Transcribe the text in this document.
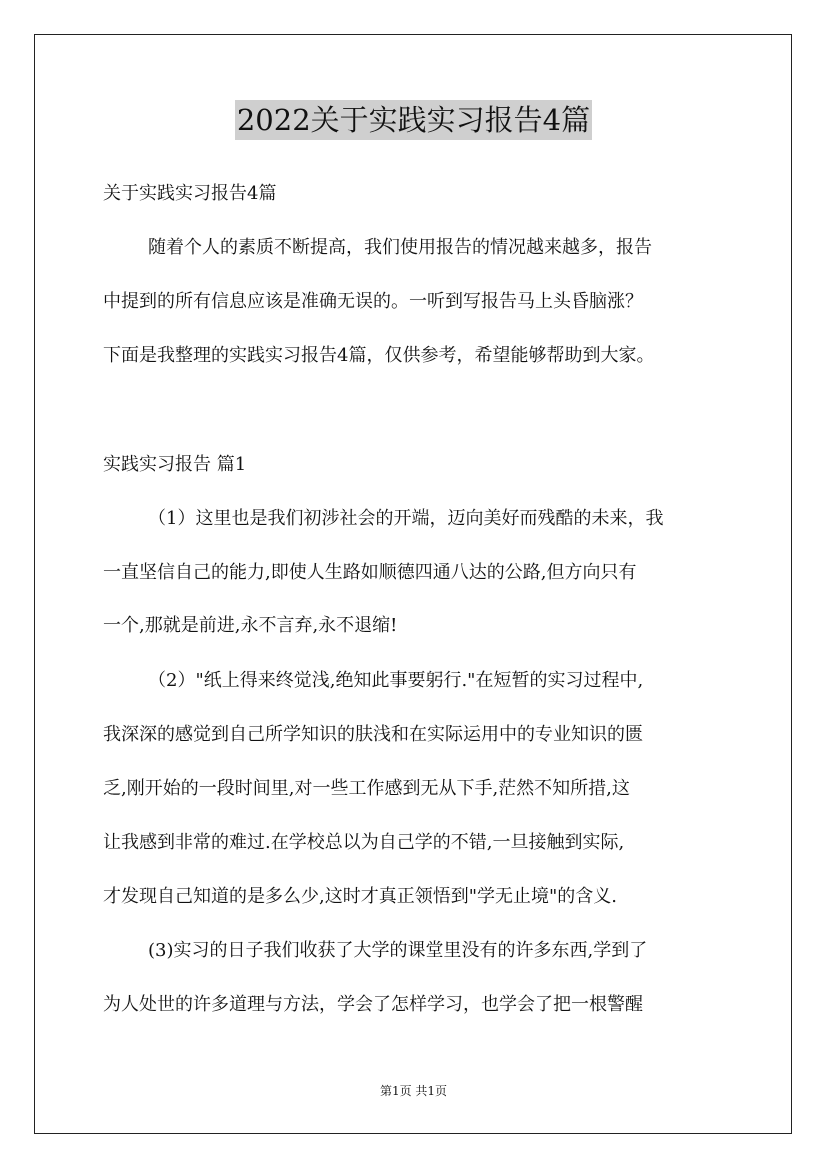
2022关于实践实习报告4篇
关于实践实习报告4篇
随着个人的素质不断提高，我们使用报告的情况越来越多，报告
中提到的所有信息应该是准确无误的。一听到写报告马上头昏脑涨？
下面是我整理的实践实习报告4篇，仅供参考，希望能够帮助到大家。
实践实习报告 篇1
（1）这里也是我们初涉社会的开端，迈向美好而残酷的未来，我
一直坚信自己的能力,即使人生路如顺德四通八达的公路,但方向只有
一个,那就是前进,永不言弃,永不退缩!
（2）"纸上得来终觉浅,绝知此事要躬行."在短暂的实习过程中,
我深深的感觉到自己所学知识的肤浅和在实际运用中的专业知识的匮
乏,刚开始的一段时间里,对一些工作感到无从下手,茫然不知所措,这
让我感到非常的难过.在学校总以为自己学的不错,一旦接触到实际,
才发现自己知道的是多么少,这时才真正领悟到"学无止境"的含义.
(3)实习的日子我们收获了大学的课堂里没有的许多东西,学到了
为人处世的许多道理与方法，学会了怎样学习，也学会了把一根警醒
第1页 共1页
